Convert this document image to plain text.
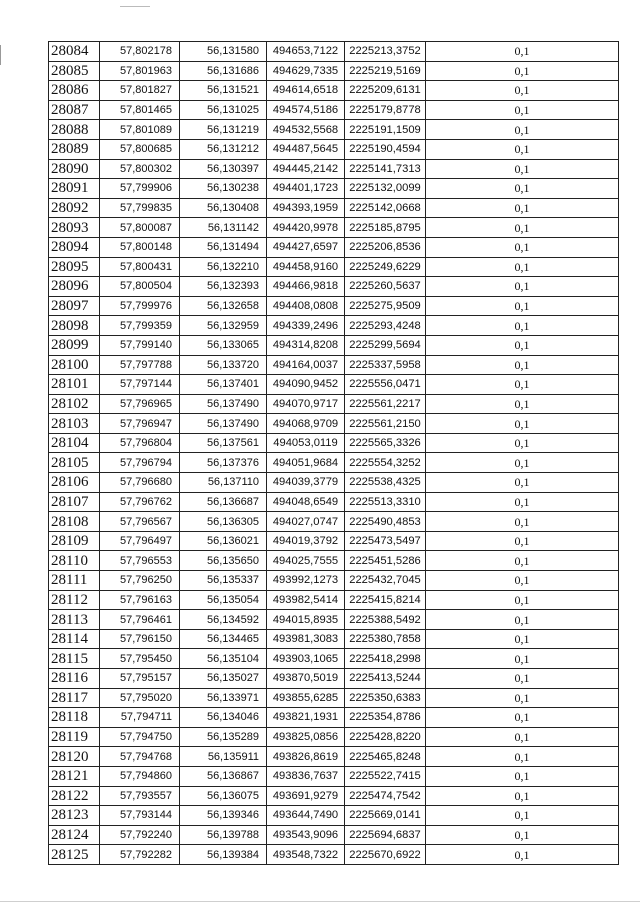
28084	57,802178	56,131580	494653,7122	2225213,3752	0,1
28085	57,801963	56,131686	494629,7335	2225219,5169	0,1
28086	57,801827	56,131521	494614,6518	2225209,6131	0,1
28087	57,801465	56,131025	494574,5186	2225179,8778	0,1
28088	57,801089	56,131219	494532,5568	2225191,1509	0,1
28089	57,800685	56,131212	494487,5645	2225190,4594	0,1
28090	57,800302	56,130397	494445,2142	2225141,7313	0,1
28091	57,799906	56,130238	494401,1723	2225132,0099	0,1
28092	57,799835	56,130408	494393,1959	2225142,0668	0,1
28093	57,800087	56,131142	494420,9978	2225185,8795	0,1
28094	57,800148	56,131494	494427,6597	2225206,8536	0,1
28095	57,800431	56,132210	494458,9160	2225249,6229	0,1
28096	57,800504	56,132393	494466,9818	2225260,5637	0,1
28097	57,799976	56,132658	494408,0808	2225275,9509	0,1
28098	57,799359	56,132959	494339,2496	2225293,4248	0,1
28099	57,799140	56,133065	494314,8208	2225299,5694	0,1
28100	57,797788	56,133720	494164,0037	2225337,5958	0,1
28101	57,797144	56,137401	494090,9452	2225556,0471	0,1
28102	57,796965	56,137490	494070,9717	2225561,2217	0,1
28103	57,796947	56,137490	494068,9709	2225561,2150	0,1
28104	57,796804	56,137561	494053,0119	2225565,3326	0,1
28105	57,796794	56,137376	494051,9684	2225554,3252	0,1
28106	57,796680	56,137110	494039,3779	2225538,4325	0,1
28107	57,796762	56,136687	494048,6549	2225513,3310	0,1
28108	57,796567	56,136305	494027,0747	2225490,4853	0,1
28109	57,796497	56,136021	494019,3792	2225473,5497	0,1
28110	57,796553	56,135650	494025,7555	2225451,5286	0,1
28111	57,796250	56,135337	493992,1273	2225432,7045	0,1
28112	57,796163	56,135054	493982,5414	2225415,8214	0,1
28113	57,796461	56,134592	494015,8935	2225388,5492	0,1
28114	57,796150	56,134465	493981,3083	2225380,7858	0,1
28115	57,795450	56,135104	493903,1065	2225418,2998	0,1
28116	57,795157	56,135027	493870,5019	2225413,5244	0,1
28117	57,795020	56,133971	493855,6285	2225350,6383	0,1
28118	57,794711	56,134046	493821,1931	2225354,8786	0,1
28119	57,794750	56,135289	493825,0856	2225428,8220	0,1
28120	57,794768	56,135911	493826,8619	2225465,8248	0,1
28121	57,794860	56,136867	493836,7637	2225522,7415	0,1
28122	57,793557	56,136075	493691,9279	2225474,7542	0,1
28123	57,793144	56,139346	493644,7490	2225669,0141	0,1
28124	57,792240	56,139788	493543,9096	2225694,6837	0,1
28125	57,792282	56,139384	493548,7322	2225670,6922	0,1
